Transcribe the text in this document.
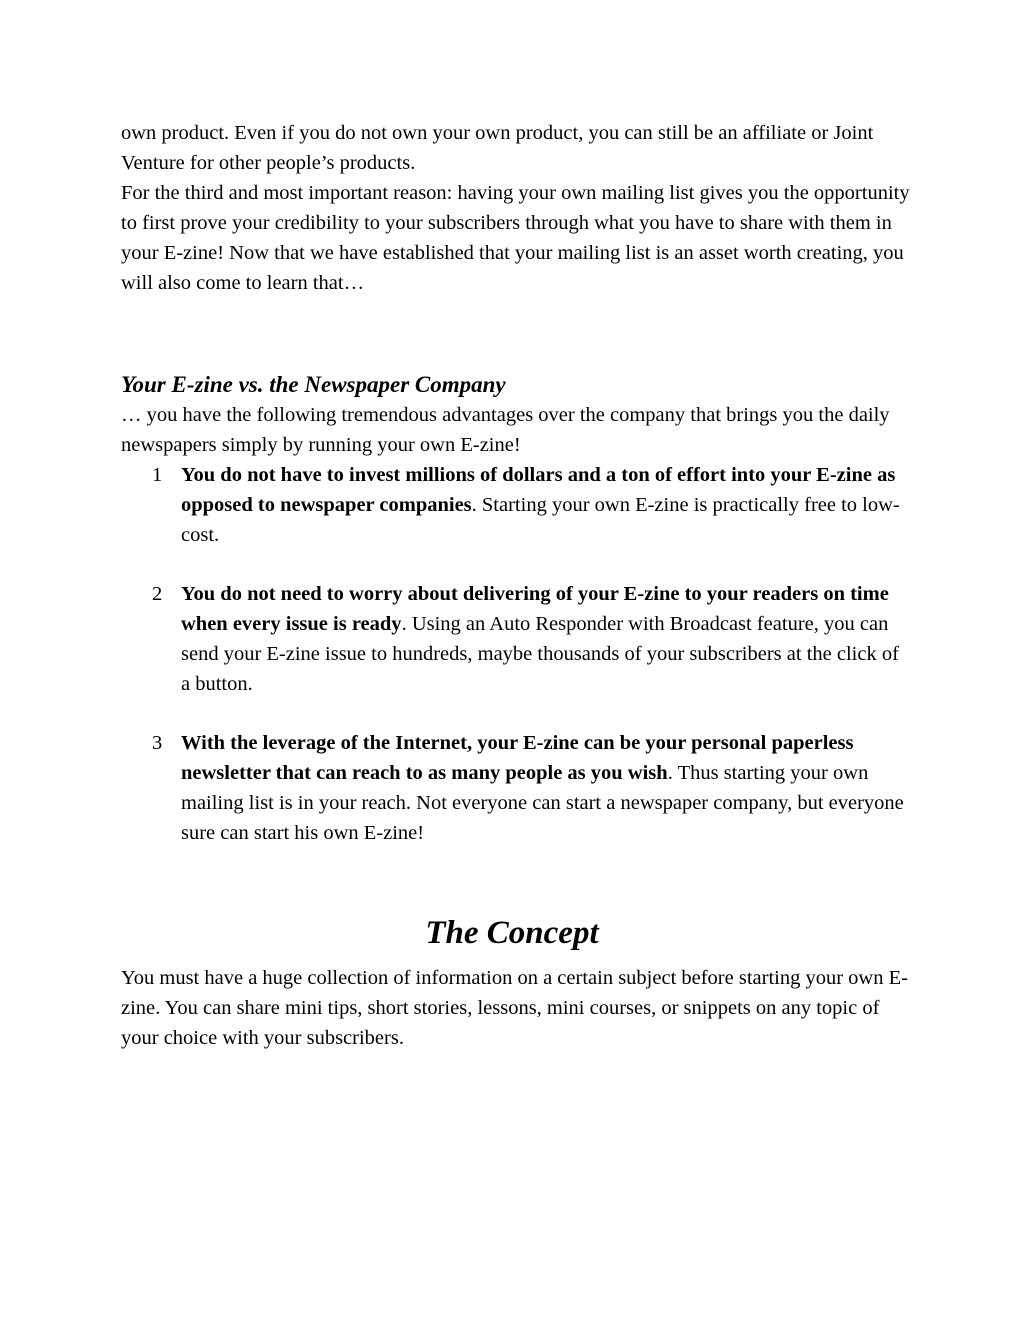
own product. Even if you do not own your own product, you can still be an affiliate or Joint Venture for other people’s products.

For the third and most important reason: having your own mailing list gives you the opportunity to first prove your credibility to your subscribers through what you have to share with them in your E-zine! Now that we have established that your mailing list is an asset worth creating, you will also come to learn that…

Your E-zine vs. the Newspaper Company

… you have the following tremendous advantages over the company that brings you the daily newspapers simply by running your own E-zine!

1 You do not have to invest millions of dollars and a ton of effort into your E-zine as opposed to newspaper companies. Starting your own E-zine is practically free to low-cost.
2 You do not need to worry about delivering of your E-zine to your readers on time when every issue is ready. Using an Auto Responder with Broadcast feature, you can send your E-zine issue to hundreds, maybe thousands of your subscribers at the click of a button.
3 With the leverage of the Internet, your E-zine can be your personal paperless newsletter that can reach to as many people as you wish. Thus starting your own mailing list is in your reach. Not everyone can start a newspaper company, but everyone sure can start his own E-zine!
The Concept

You must have a huge collection of information on a certain subject before starting your own E-zine. You can share mini tips, short stories, lessons, mini courses, or snippets on any topic of your choice with your subscribers.
